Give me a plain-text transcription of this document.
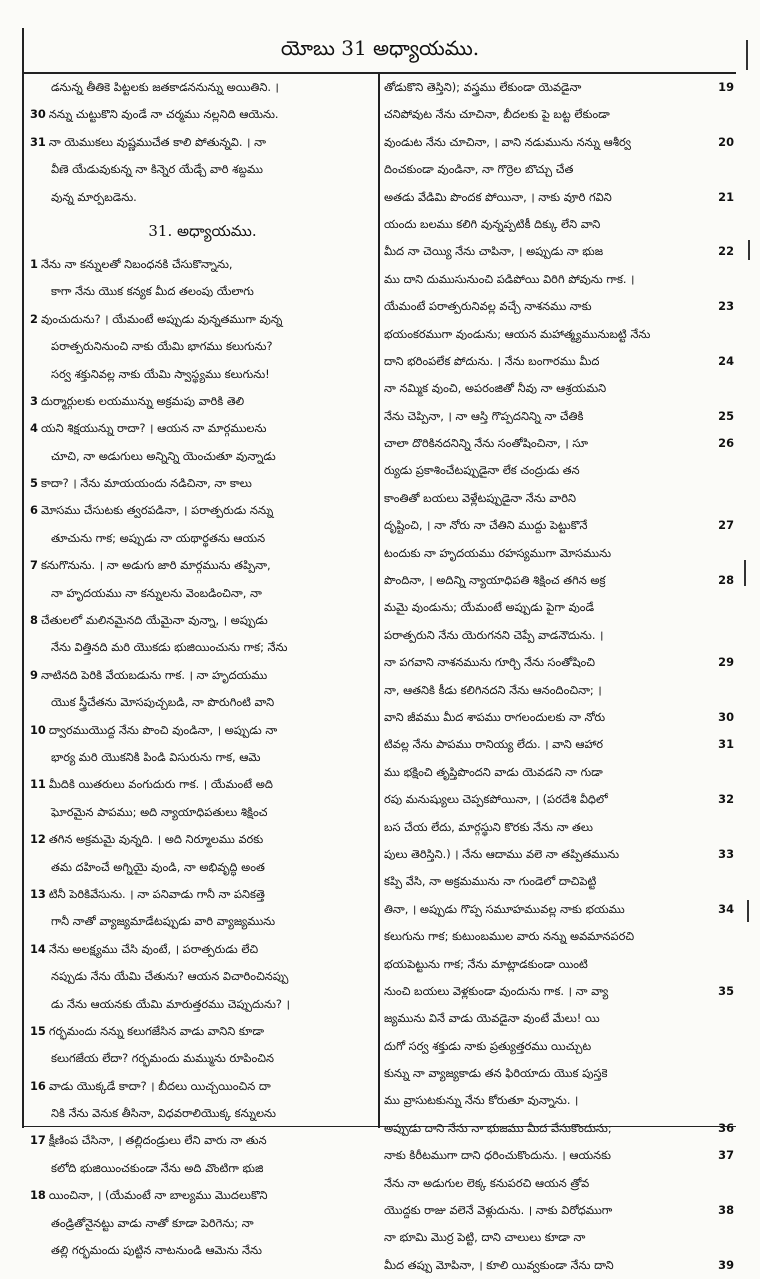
యోబు 31 అధ్యాయము.
డనున్న తీతికె పిట్టలకు జతకాడననున్ను అయితిని. ।
30 నన్ను చుట్టుకొని వుండే నా చర్మము నల్లనిది ఆయెను.
31 నా యెముకలు వుష్ణముచేత కాలి పోతున్నవి. । నా
వీణె యేడువుకున్న నా కిన్నెర యేడ్చే వారి శబ్దము
వున్న మార్పబడెను.
31. అధ్యాయము.
1 నేను నా కన్నులతో నిబంధనకి చేసుకొన్నాను,
కాగా నేను యొక కన్యక మీద తలంపు యేలాగు
2 వుంచుదును? । యేమంటే అప్పుడు వున్నతముగా వున్న
పరాత్పరునినుంచి నాకు యేమి భాగము కలుగును?
సర్వ శక్తునివల్ల నాకు యేమి స్వాస్థ్యము కలుగును!
3 దుర్మార్గులకు లయమున్ను అక్రమపు వారికి తెలి
4 యని శిక్షయున్ను రాదా? । ఆయన నా మార్గములను
చూచి, నా అడుగులు అన్నిన్ని యెంచుతూ వున్నాడు
5 కాదా? । నేను మాయయందు నడిచినా, నా కాలు
6 మోసము చేసుటకు త్వరపడినా, । పరాత్పరుడు నన్ను
తూచును గాక; అప్పుడు నా యథార్థతను ఆయన
7 కనుగొనును. । నా అడుగు జారి మార్గమును తప్పినా,
నా హృదయము నా కన్నులను వెంబడించినా, నా
8 చేతులలో మలినమైనది యేమైనా వున్నా, । అప్పుడు
నేను విత్తినది మరి యొకడు భుజియించును గాక; నేను
9 నాటినది పెరికి వేయబడును గాక. । నా హృదయము
యొక స్త్రీచేతను మోసపుచ్చబడి, నా పొరుగింటి వాని
10 ద్వారముయొద్ద నేను పొంచి వుండినా, । అప్పుడు నా
భార్య మరి యొకనికి పిండి విసురును గాక, ఆమె
11 మీదికి యితరులు వంగుదురు గాక. । యేమంటే అది
ఘోరమైన పాపము; అది న్యాయాధిపతులు శిక్షించ
12 తగిన అక్రమమై వున్నది. । అది నిర్మూలము వరకు
తమ దహించే అగ్నియై వుండి, నా అభివృద్ధి అంత
13 టినీ పెరికివేసును. । నా పనివాడు గానీ నా పనికత్తె
గానీ నాతో వ్యాజ్యమాడేటప్పుడు వారి వ్యాజ్యమును
14 నేను అలక్ష్యము చేసి వుంటే, । పరాత్పరుడు లేచి
నప్పుడు నేను యేమి చేతును? ఆయన విచారించినప్పు
డు నేను ఆయనకు యేమి మారుత్తరము చెప్పుదును? ।
15 గర్భమందు నన్ను కలుగజేసిన వాడు వానిని కూడా
కలుగజేయ లేదా? గర్భమందు మమ్మును రూపించిన
16 వాడు యొక్కడే కాదా? । బీదలు యిచ్చయించిన దా
నికి నేను వెనుక తీసినా, విధవరాలియొక్క కన్నులను
17 క్షీణింప చేసినా, । తల్లిదండ్రులు లేని వారు నా తున
కలోది భుజియించకుండా నేను అది వొంటిగా భుజి
18 యించినా, । (యేమంటే నా బాల్యము మొదలుకొని
తండ్రితోనైనట్టు వాడు నాతో కూడా పెరిగెను; నా
తల్లి గర్భమందు పుట్టిన నాటనుండి ఆమెను నేను
తోడుకొని తెస్తిని); వస్త్రము లేకుండా యెవడైనా	19
చనిపోవుట నేను చూచినా, బీదలకు పై బట్ట లేకుండా
వుండుట నేను చూచినా, । వాని నడుమును నన్ను ఆశీర్వ	20
దించకుండా వుండినా, నా గొర్రెల బొచ్చు చేత
అతడు వేడిమి పొందక పోయినా, । నాకు వూరి గవిని	21
యందు బలము కలిగి వున్నప్పటికీ దిక్కు లేని వాని
మీద నా చెయ్యి నేను చాపినా, । అప్పుడు నా భుజ	22
ము దాని దుముసునుంచి పడిపోయి విరిగి పోవును గాక. ।
యేమంటే పరాత్పరునివల్ల వచ్చే నాశనము నాకు	23
భయంకరముగా వుండును; ఆయన మహాత్మ్యమునుబట్టి నేను
దాని భరింపలేక పోదును. । నేను బంగారము మీద	24
నా నమ్మిక వుంచి, అపరంజితో నీవు నా ఆశ్రయమని
నేను చెప్పినా, । నా ఆస్తి గొప్పదనిన్ని నా చేతికి	25
చాలా దొరికినదనిన్ని నేను సంతోషించినా, । సూ	26
ర్యుడు ప్రకాశించేటప్పుడైనా లేక చంద్రుడు తన
కాంతితో బయలు వెళ్లేటప్పుడైనా నేను వారిని
దృష్టించి, । నా నోరు నా చేతిని ముద్దు పెట్టుకొనే	27
టందుకు నా హృదయము రహస్యముగా మోసమును
పొందినా, । అదిన్ని న్యాయాధిపతి శిక్షించ తగిన అక్ర	28
మమై వుండును; యేమంటే అప్పుడు పైగా వుండే
పరాత్పరుని నేను యెరుగనని చెప్పే వాడనౌదును. ।
నా పగవాని నాశనమును గూర్చి నేను సంతోషించి	29
నా, ఆతనికి కీడు కలిగినదని నేను ఆనందించినా; ।
వాని జీవము మీద శాపము రాగలందులకు నా నోరు	30
టివల్ల నేను పాపము రానియ్య లేదు. । వాని ఆహార	31
ము భక్షించి తృప్తిపొందని వాడు యెవడని నా గుడా
రపు మనుష్యులు చెప్పకపోయినా, । (పరదేశి వీధిలో	32
బస చేయ లేదు, మార్గస్థుని కొరకు నేను నా తలు
పులు తెరిస్తిని.) । నేను ఆదాము వలె నా తప్పితమును	33
కప్పి వేసి, నా అక్రమమును నా గుండెలో దాచిపెట్టి
తినా, । అప్పుడు గొప్ప సమూహమువల్ల నాకు భయము	34
కలుగును గాక; కుటుంబముల వారు నన్ను అవమానపరచి
భయపెట్టును గాక; నేను మాట్లాడకుండా యింటి
నుంచి బయలు వెళ్లకుండా వుందును గాక. । నా వ్యా	35
జ్యమును వినే వాడు యెవడైనా వుంటే మేలు! యి
దుగో సర్వ శక్తుడు నాకు ప్రత్యుత్తరము యిచ్చుట
కున్ను నా వ్యాజ్యకాడు తన ఫిరియాదు యొక పుస్తకె
ము వ్రాసుటకున్ను నేను కోరుతూ వున్నాను. ।
అప్పుడు దాని నేను నా భుజము మీద వేసుకొందును;	36
నాకు కిరీటముగా దాని ధరించుకొందును. । ఆయనకు	37
నేను నా అడుగుల లెక్క కనుపరచి ఆయన త్రోవ
యొద్దకు రాజు వలెనే వెళ్లుదును. । నాకు విరోధముగా	38
నా భూమి మొర్ర పెట్టి, దాని చాలులు కూడా నా
మీద తప్పు మోపినా, । కూలి యివ్వకుండా నేను దాని	39
